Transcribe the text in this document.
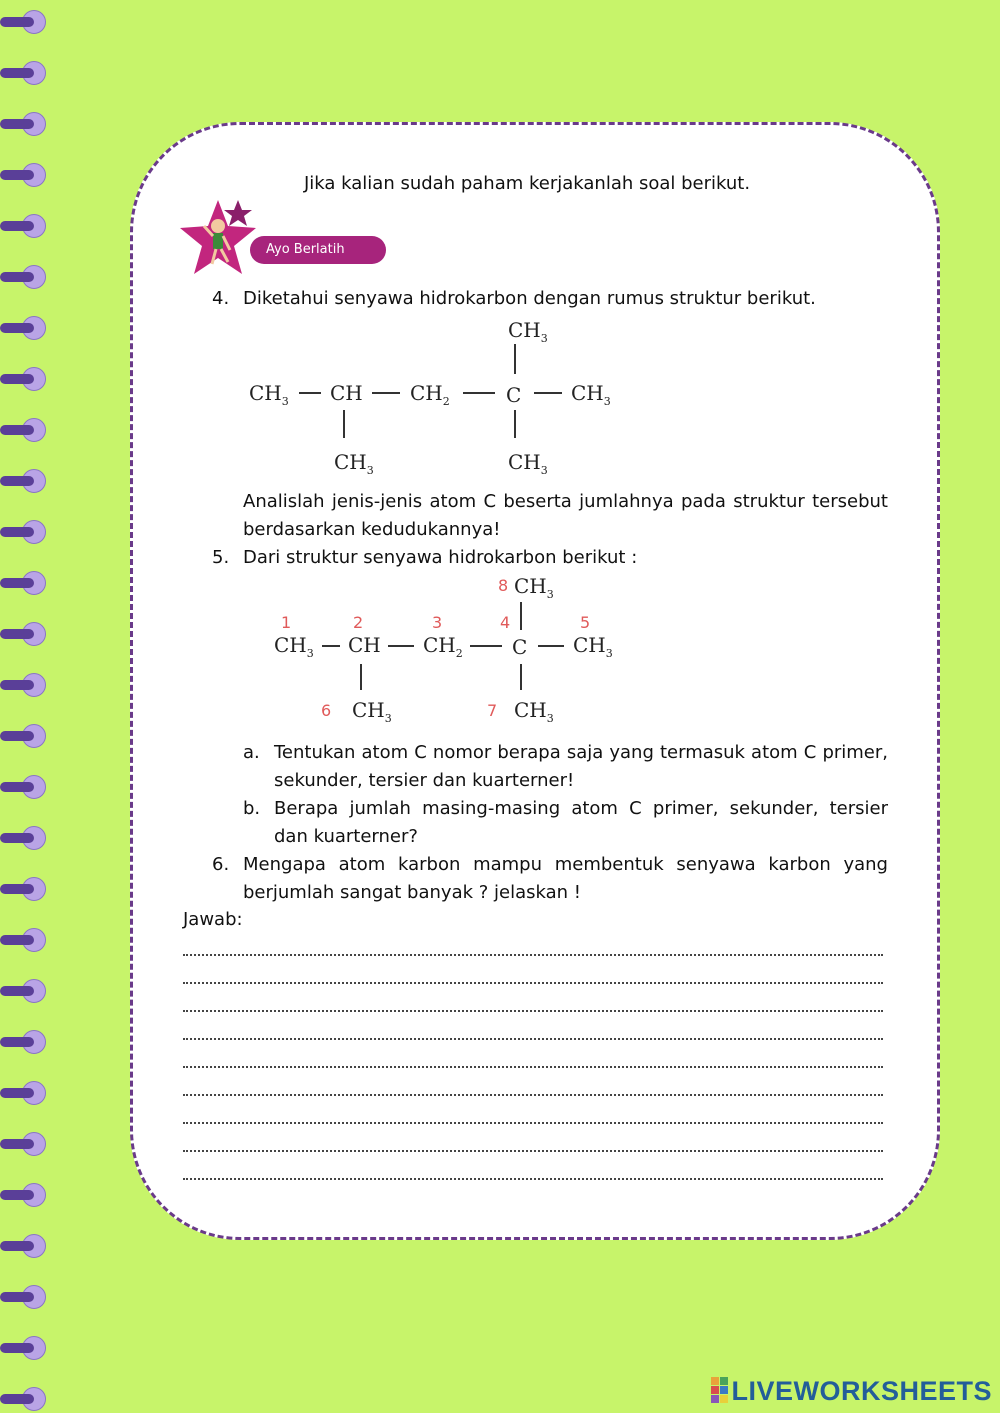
Jika kalian sudah paham kerjakanlah soal berikut.
Ayo Berlatih
4. Diketahui senyawa hidrokarbon dengan rumus struktur berikut.
$CH_3$
$CH_3$ CH $CH_2$	C $CH_3$
$CH_3$	$CH_3$
Analislah jenis-jenis atom C beserta jumlahnya pada struktur tersebut berdasarkan kedudukannya!
5. Dari struktur senyawa hidrokarbon berikut :
8 $CH_3$
1	2	3	4	5
$CH_3$ CH $CH_2$ C $CH_3$
6 $CH_3$	7 $CH_3$
a. Tentukan atom C nomor berapa saja yang termasuk atom C primer, sekunder, tersier dan kuarterner!
b. Berapa jumlah masing-masing atom C primer, sekunder, tersier dan kuarterner?
6. Mengapa atom karbon mampu membentuk senyawa karbon yang berjumlah sangat banyak ? jelaskan !
Jawab:
LIVEWORKSHEETS
